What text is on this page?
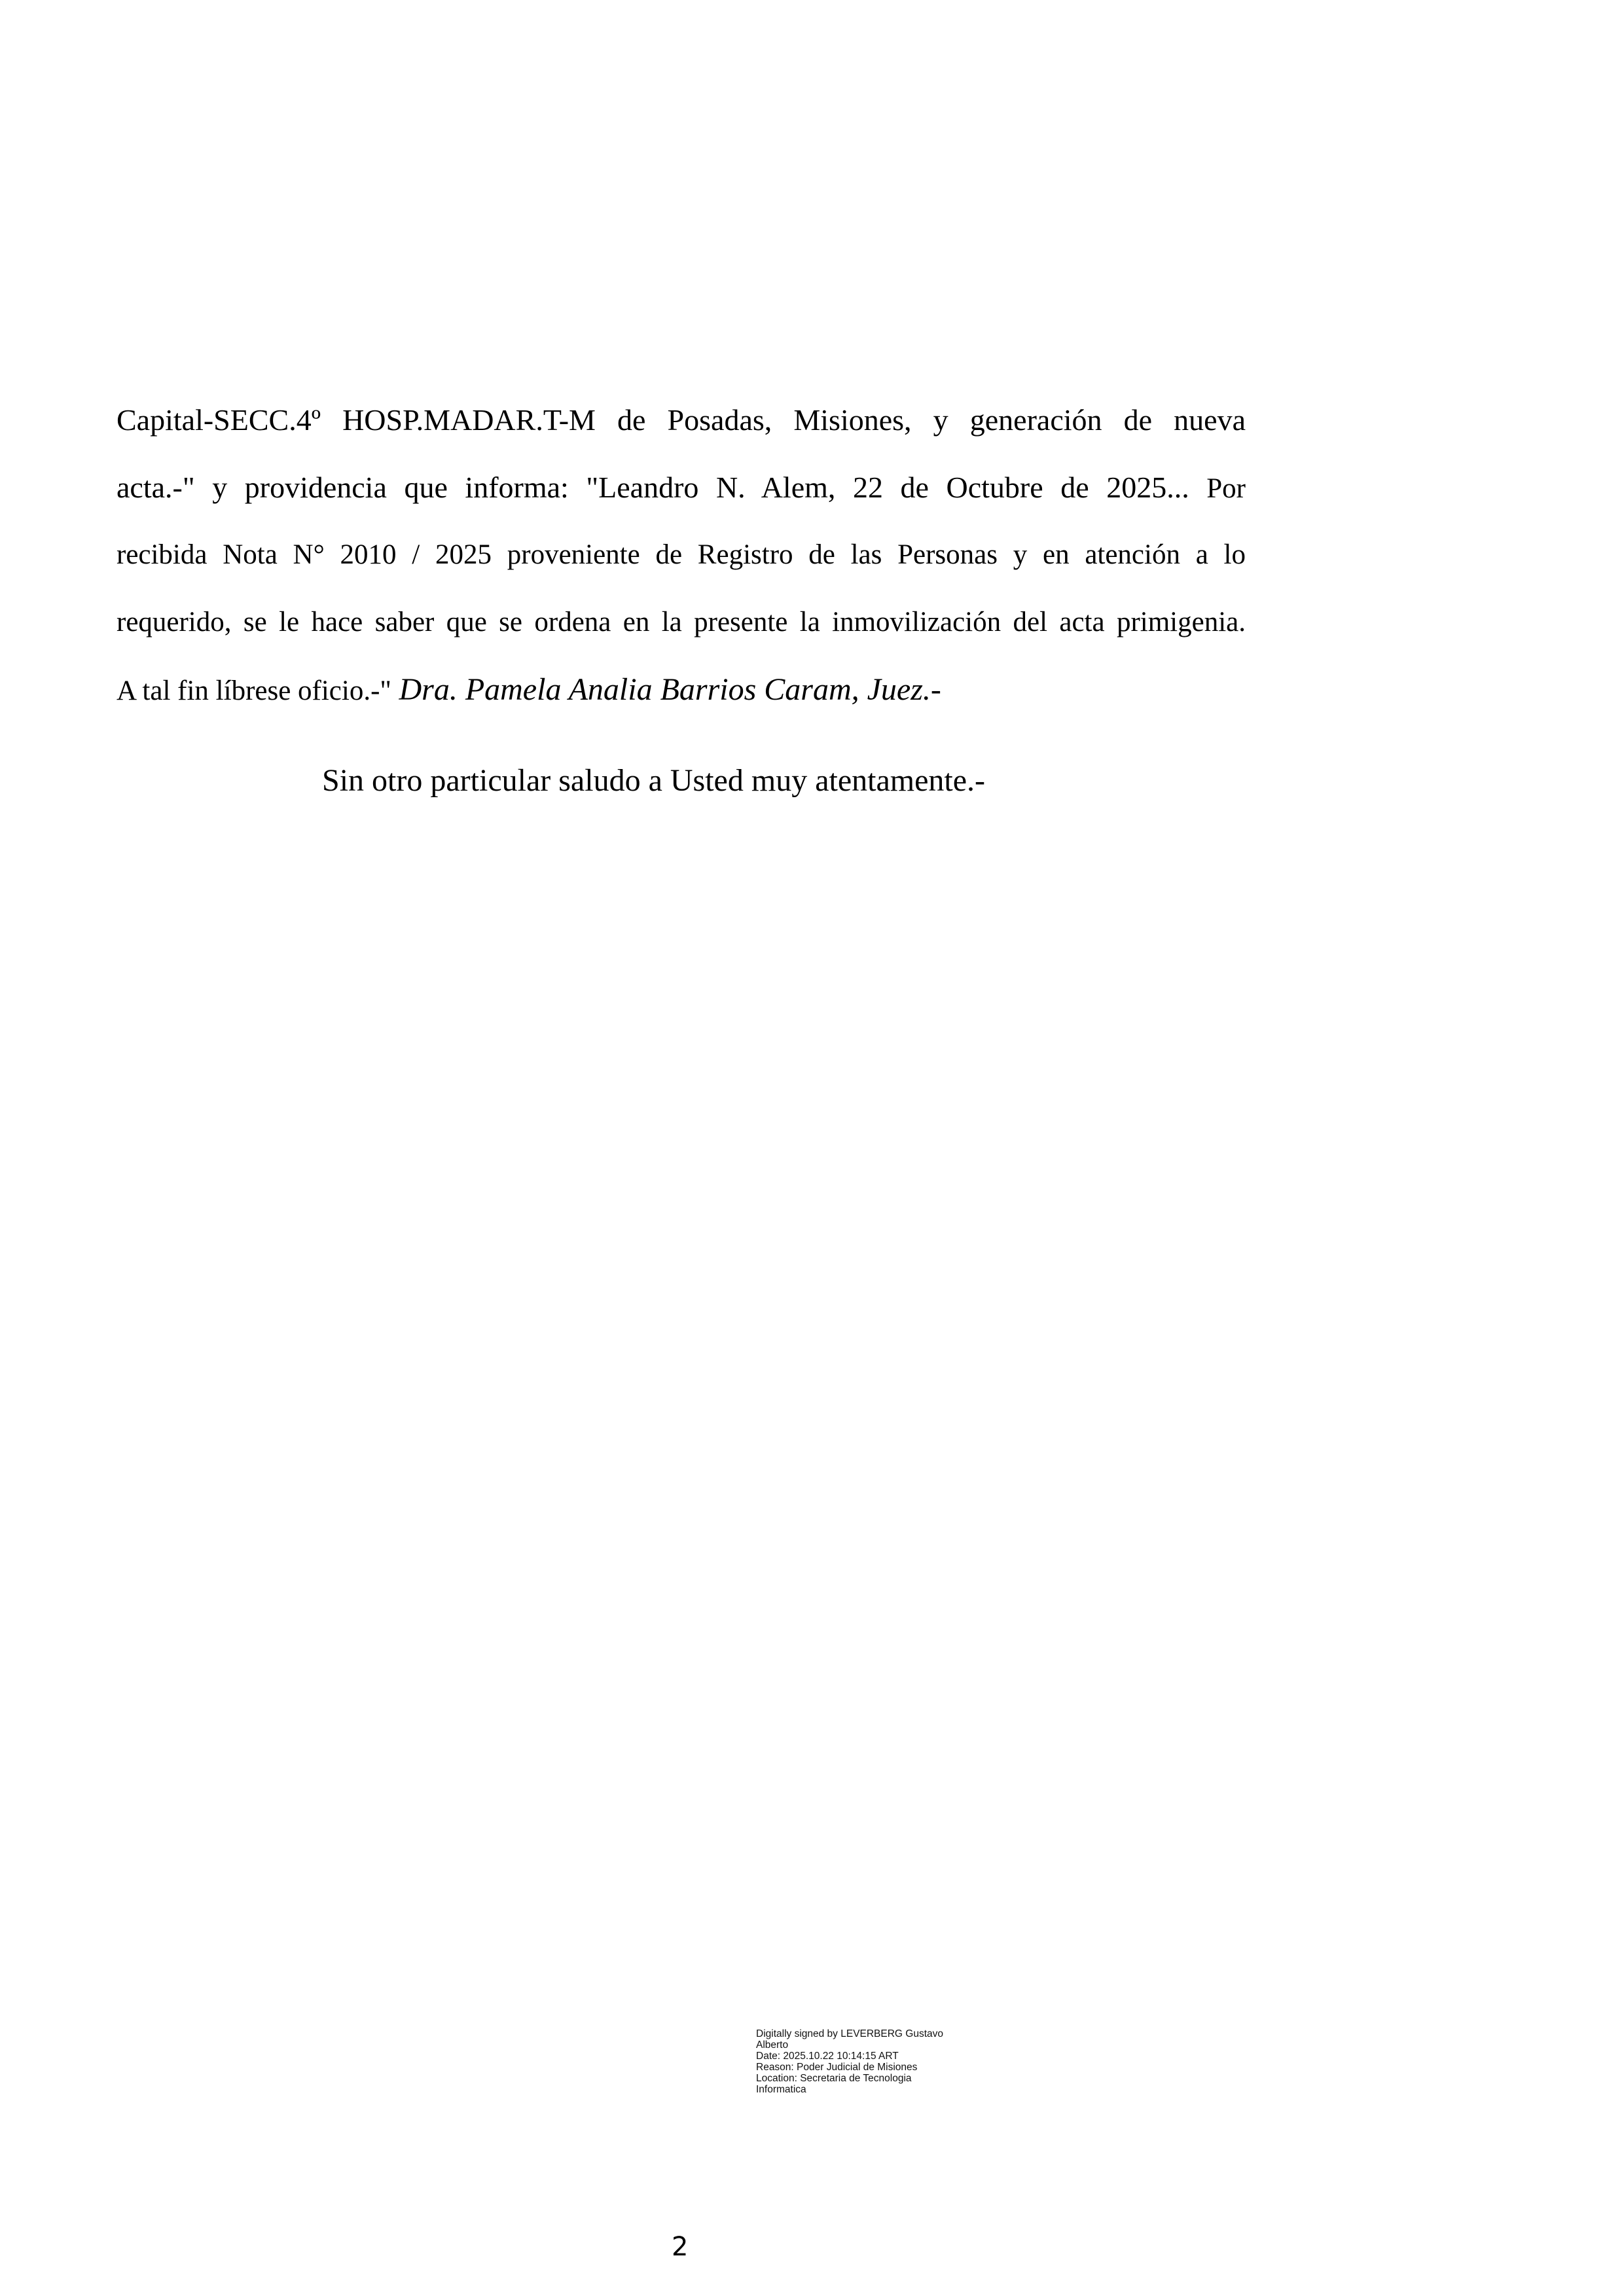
Capital-SECC.4º HOSP.MADAR.T-M de Posadas, Misiones, y generación de nueva
acta.-" y providencia que informa: "Leandro N. Alem, 22 de Octubre de 2025... Por
recibida Nota N° 2010 / 2025 proveniente de Registro de las Personas y en atención a lo
requerido, se le hace saber que se ordena en la presente la inmovilización del acta primigenia.
A tal fin líbrese oficio.-" Dra. Pamela Analia Barrios Caram, Juez.-
Sin otro particular saludo a Usted muy atentamente.-
Digitally signed by LEVERBERG Gustavo
Alberto
Date: 2025.10.22 10:14:15 ART
Reason: Poder Judicial de Misiones
Location: Secretaria de Tecnologia
Informatica
2
